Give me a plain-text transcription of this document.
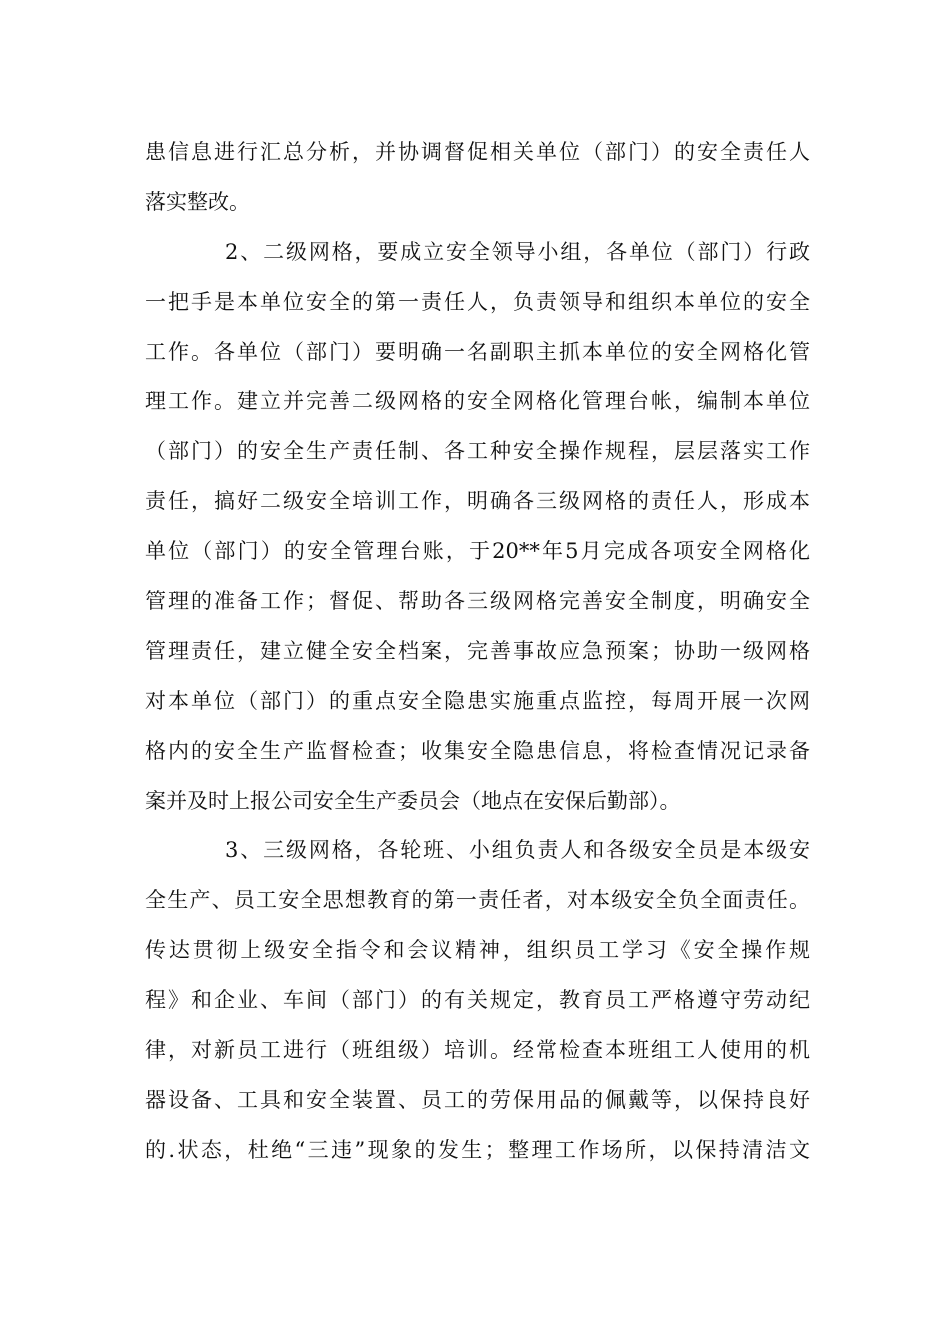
患信息进行汇总分析，并协调督促相关单位（部门）的安全责任人
落实整改。
2、二级网格，要成立安全领导小组，各单位（部门）行政
一把手是本单位安全的第一责任人，负责领导和组织本单位的安全
工作。各单位（部门）要明确一名副职主抓本单位的安全网格化管
理工作。建立并完善二级网格的安全网格化管理台帐，编制本单位
（部门）的安全生产责任制、各工种安全操作规程，层层落实工作
责任，搞好二级安全培训工作，明确各三级网格的责任人，形成本
单位（部门）的安全管理台账，于20**年5月完成各项安全网格化
管理的准备工作；督促、帮助各三级网格完善安全制度，明确安全
管理责任，建立健全安全档案，完善事故应急预案；协助一级网格
对本单位（部门）的重点安全隐患实施重点监控，每周开展一次网
格内的安全生产监督检查；收集安全隐患信息，将检查情况记录备
案并及时上报公司安全生产委员会（地点在安保后勤部）。
3、三级网格，各轮班、小组负责人和各级安全员是本级安
全生产、员工安全思想教育的第一责任者，对本级安全负全面责任。
传达贯彻上级安全指令和会议精神，组织员工学习《安全操作规
程》和企业、车间（部门）的有关规定，教育员工严格遵守劳动纪
律，对新员工进行（班组级）培训。经常检查本班组工人使用的机
器设备、工具和安全装置、员工的劳保用品的佩戴等，以保持良好
的.状态，杜绝“三违”现象的发生；整理工作场所，以保持清洁文
